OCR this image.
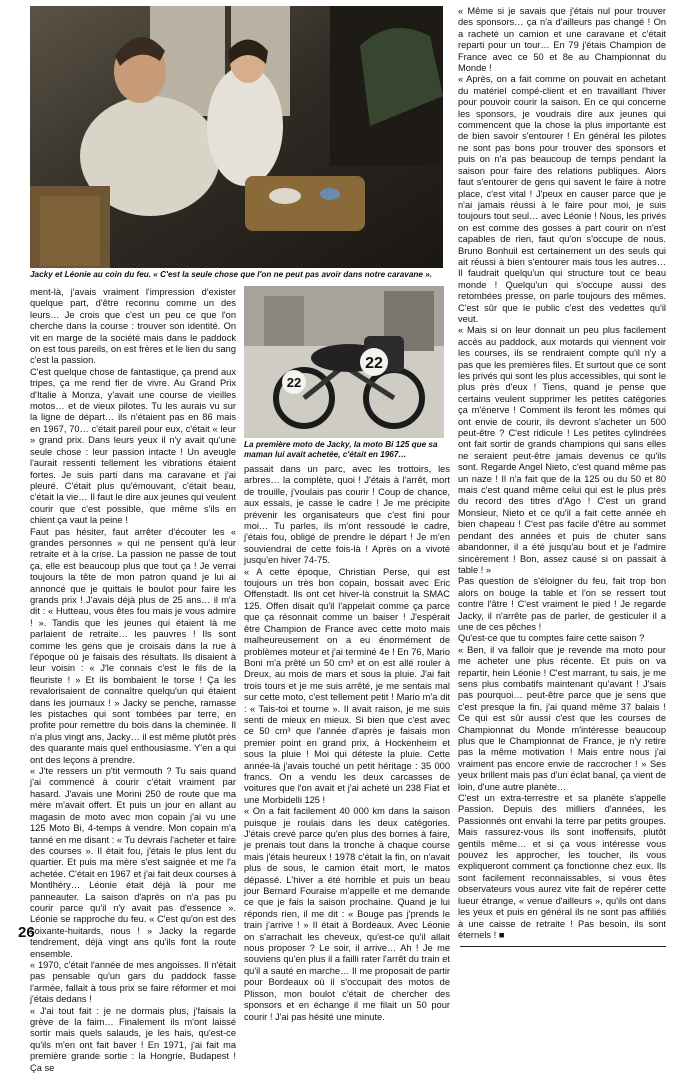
Jacky et Léonie au coin du feu. « C'est la seule chose que l'on ne peut pas avoir dans notre caravane ».

22
22

La première moto de Jacky, la moto Bi 125 que sa maman lui avait achetée, c'était en 1967…

ment-là, j'avais vraiment l'impression d'exister quelque part, d'être reconnu comme un des leurs… Je crois que c'est un peu ce que l'on cherche dans la course : trouver son identité. On vit en marge de la société mais dans le paddock on est tous pareils, on est frères et le lien du sang c'est la passion.

C'est quelque chose de fantastique, ça prend aux tripes, ça me rend fier de vivre. Au Grand Prix d'Italie à Monza, y'avait une course de vieilles motos… et de vieux pilotes. Tu les aurais vu sur la ligne de départ… ils n'étaient pas en 86 mais en 1967, 70… c'était pareil pour eux, c'était « leur » grand prix. Dans leurs yeux il n'y avait qu'une seule chose : leur passion intacte ! Un aveugle l'aurait ressenti tellement les vibrations étaient fortes. Je suis parti dans ma caravane et j'ai pleuré. C'était plus qu'émouvant, c'était beau, c'était la vie… Il faut le dire aux jeunes qui veulent courir que c'est possible, que même s'ils en chient ça vaut la peine !

Faut pas hésiter, faut arrêter d'écouter les « grandes personnes » qui ne pensent qu'à leur retraite et à la crise. La passion ne passe de tout ça, elle est beaucoup plus que tout ça ! Je verrai toujours la tête de mon patron quand je lui ai annoncé que je quittais le boulot pour faire les grands prix ! J'avais déjà plus de 25 ans… il m'a dit : « Hutteau, vous êtes fou mais je vous admire ! ». Tandis que les jeunes qui étaient là me parlaient de retraite… les pauvres ! Ils sont comme les gens que je croisais dans la rue à l'époque où je faisais des résultats. Ils disaient à leur voisin : « J'le connais c'est le fils de la fleuriste ! » Et ils bombaient le torse ! Ça les revalorisaient de connaître quelqu'un qui étaient dans les journaux ! » Jacky se penche, ramasse les pistaches qui sont tombées par terre, en profite pour remettre du bois dans la cheminée. Il n'a plus vingt ans, Jacky… il est même plutôt près des quarante mais quel enthousiasme. Y'en a qui ont des leçons à prendre.

« J'te ressers un p'tit vermouth ? Tu sais quand j'ai commencé à courir c'était vraiment par hasard. J'avais une Morini 250 de route que ma mère m'avait offert. Et puis un jour en allant au magasin de moto avec mon copain j'ai vu une 125 Moto Bi, 4-temps à vendre. Mon copain m'a tanné en me disant : « Tu devrais l'acheter et faire des courses ». Il était fou, j'étais le plus lent du quartier. Et puis ma mère s'est saignée et me l'a achetée. C'était en 1967 et j'ai fait deux courses à Montlhéry… Léonie était déjà là pour me panneauter. La saison d'après on n'a pas pu courir parce qu'il n'y avait pas d'essence ». Léonie se rapproche du feu. « C'est qu'on est des soixante-huitards, nous ! » Jacky la regarde tendrement, déjà vingt ans qu'ils font la route ensemble.

« 1970, c'était l'année de mes angoisses. Il n'était pas pensable qu'un gars du paddock fasse l'armée, fallait à tous prix se faire réformer et moi j'étais dedans !

« J'ai tout fait : je ne dormais plus, j'faisais la grève de la faim… Finalement ils m'ont laissé sortir mais quels salauds, je les hais, qu'est-ce qu'ils m'en ont fait baver ! En 1971, j'ai fait ma première grande sortie : la Hongrie, Budapest ! Ça se

passait dans un parc, avec les trottoirs, les arbres… la complète, quoi ! J'étais à l'arrêt, mort de trouille, j'voulais pas courir ! Coup de chance, aux essais, je casse le cadre ! Je me précipite prévenir les organisateurs que c'est fini pour moi… Tu parles, ils m'ont ressoudé le cadre, j'étais fou, obligé de prendre le départ ! Je m'en souviendrai de cette fois-là ! Après on a vivoté jusqu'en hiver 74-75.

« A cette époque, Christian Perse, qui est toujours un très bon copain, bossait avec Eric Offenstadt. Ils ont cet hiver-là construit la SMAC 125. Offen disait qu'il l'appelait comme ça parce que ça résonnait comme un baiser ! J'espérait être Champion de France avec cette moto mais malheureusement on a eu énormément de problèmes moteur et j'ai terminé 4e ! En 76, Mario Boni m'a prêté un 50 cm³ et on est allé rouler à Dreux, au mois de mars et sous la pluie. J'ai fait trois tours et je me suis arrêté, je me sentais mal sur cette moto, c'est tellement petit ! Mario m'a dit : « Tais-toi et tourne ». Il avait raison, je me suis senti de mieux en mieux. Si bien que c'est avec ce 50 cm³ que l'année d'après je faisais mon premier point en grand prix, à Hockenheim et sous la pluie ! Moi qui déteste la pluie. Cette année-là j'avais touché un petit héritage : 35 000 francs. On a vendu les deux carcasses de voitures que l'on avait et j'ai acheté un 238 Fiat et une Morbidelli 125 !

« On a fait facilement 40 000 km dans la saison puisque je roulais dans les deux catégories. J'étais crevé parce qu'en plus des bornes à faire, je prenais tout dans la tronche à chaque course mais j'étais heureux ! 1978 c'était la fin, on n'avait plus de sous, le camion était mort, le matos dépassé. L'hiver a été horrible et puis un beau jour Bernard Fouraise m'appelle et me demande ce que je fais la saison prochaine. Quand je lui réponds rien, il me dit : « Bouge pas j'prends le train j'arrive ! » Il était à Bordeaux. Avec Léonie on s'arrachait les cheveux, qu'est-ce qu'il allait nous proposer ? Le soir, il arrive… Ah ! Je me souviens qu'en plus il a failli rater l'arrêt du train et qu'il a sauté en marche… Il me proposait de partir pour Bordeaux où il s'occupait des motos de Plisson, mon boulot c'était de chercher des sponsors et en échange il me filait un 50 pour courir ! J'ai pas hésité une minute.

« Même si je savais que j'étais nul pour trouver des sponsors… ça n'a d'ailleurs pas changé ! On a racheté un camion et une caravane et c'était reparti pour un tour… En 79 j'étais Champion de France avec ce 50 et 8e au Championnat du Monde !

« Après, on a fait comme on pouvait en achetant du matériel compé-client et en travaillant l'hiver pour pouvoir courir la saison. En ce qui concerne les sponsors, je voudrais dire aux jeunes qui commencent que la chose la plus importante est de bien savoir s'entourer ! En général les pilotes ne sont pas bons pour trouver des sponsors et puis on n'a pas beaucoup de temps pendant la saison pour faire des relations publiques. Alors faut s'entourer de gens qui savent le faire à notre place, c'est vital ! J'peux en causer parce que je n'ai jamais réussi à le faire pour moi, je suis toujours tout seul… avec Léonie ! Nous, les privés on est comme des gosses à part courir on n'est capables de rien, faut qu'on s'occupe de nous. Bruno Bonhuil est certainement un des seuls qui ait réussi à bien s'entourer mais tous les autres… Il faudrait quelqu'un qui structure tout ce beau monde ! Quelqu'un qui s'occupe aussi des retombées presse, on parle toujours des mêmes. C'est sûr que le public c'est des vedettes qu'il veut.

« Mais si on leur donnait un peu plus facilement accès au paddock, aux motards qui viennent voir les courses, ils se rendraient compte qu'il n'y a pas que les premières files. Et surtout que ce sont les privés qui sont les plus accessibles, qui sont le plus près d'eux ! Tiens, quand je pense que certains veulent supprimer les petites catégories ça m'énerve ! Comment ils feront les mômes qui ont envie de courir, ils devront s'acheter un 500 peut-être ? C'est ridicule ! Les petites cylindrées ont fait sortir de grands champions qui sans elles ne seraient peut-être jamais devenus ce qu'ils sont. Regarde Angel Nieto, c'est quand même pas un naze ! Il n'a fait que de la 125 ou du 50 et 80 mais c'est quand même celui qui est le plus près du record des titres d'Ago ! C'est un grand Monsieur, Nieto et ce qu'il a fait cette année eh bien chapeau ! C'est pas facile d'être au sommet pendant des années et puis de chuter sans abandonner, il a été jusqu'au bout et je l'admire sincèrement ! Bon, assez causé si on passait à table ! »

Pas question de s'éloigner du feu, fait trop bon alors on bouge la table et l'on se ressert tout contre l'âtre ! C'est vraiment le pied ! Je regarde Jacky, il n'arrête pas de parler, de gesticuler il a une de ces pêches !

Qu'est-ce que tu comptes faire cette saison ?

« Ben, il va falloir que je revende ma moto pour me acheter une plus récente. Et puis on va repartir, hein Léonie ! C'est marrant, tu sais, je me sens plus combatifs maintenant qu'avant ! J'sais pas pourquoi… peut-être parce que je sens que c'est presque la fin, j'ai quand même 37 balais ! Ce qui est sûr aussi c'est que les courses de Championnat du Monde m'intéresse beaucoup plus que le Championnat de France, je n'y retire pas la même motivation ! Mais entre nous j'ai vraiment pas encore envie de raccrocher ! » Ses yeux brillent mais pas d'un éclat banal, ça vient de loin, d'une autre planète…

C'est un extra-terrestre et sa planète s'appelle Passion. Depuis des milliers d'années, les Passionnés ont envahi la terre par petits groupes. Mais rassurez-vous ils sont inoffensifs, plutôt gentils même… et si ça vous intéresse vous pouvez les approcher, les toucher, ils vous expliqueront comment ça fonctionne chez eux. Ils sont facilement reconnaissables, si vous êtes observateurs vous aurez vite fait de repérer cette lueur étrange, « venue d'ailleurs », qu'ils ont dans les yeux et puis en général ils ne sont pas affiliés à une caisse de retraite ! Pas besoin, ils sont éternels ! ■

26
